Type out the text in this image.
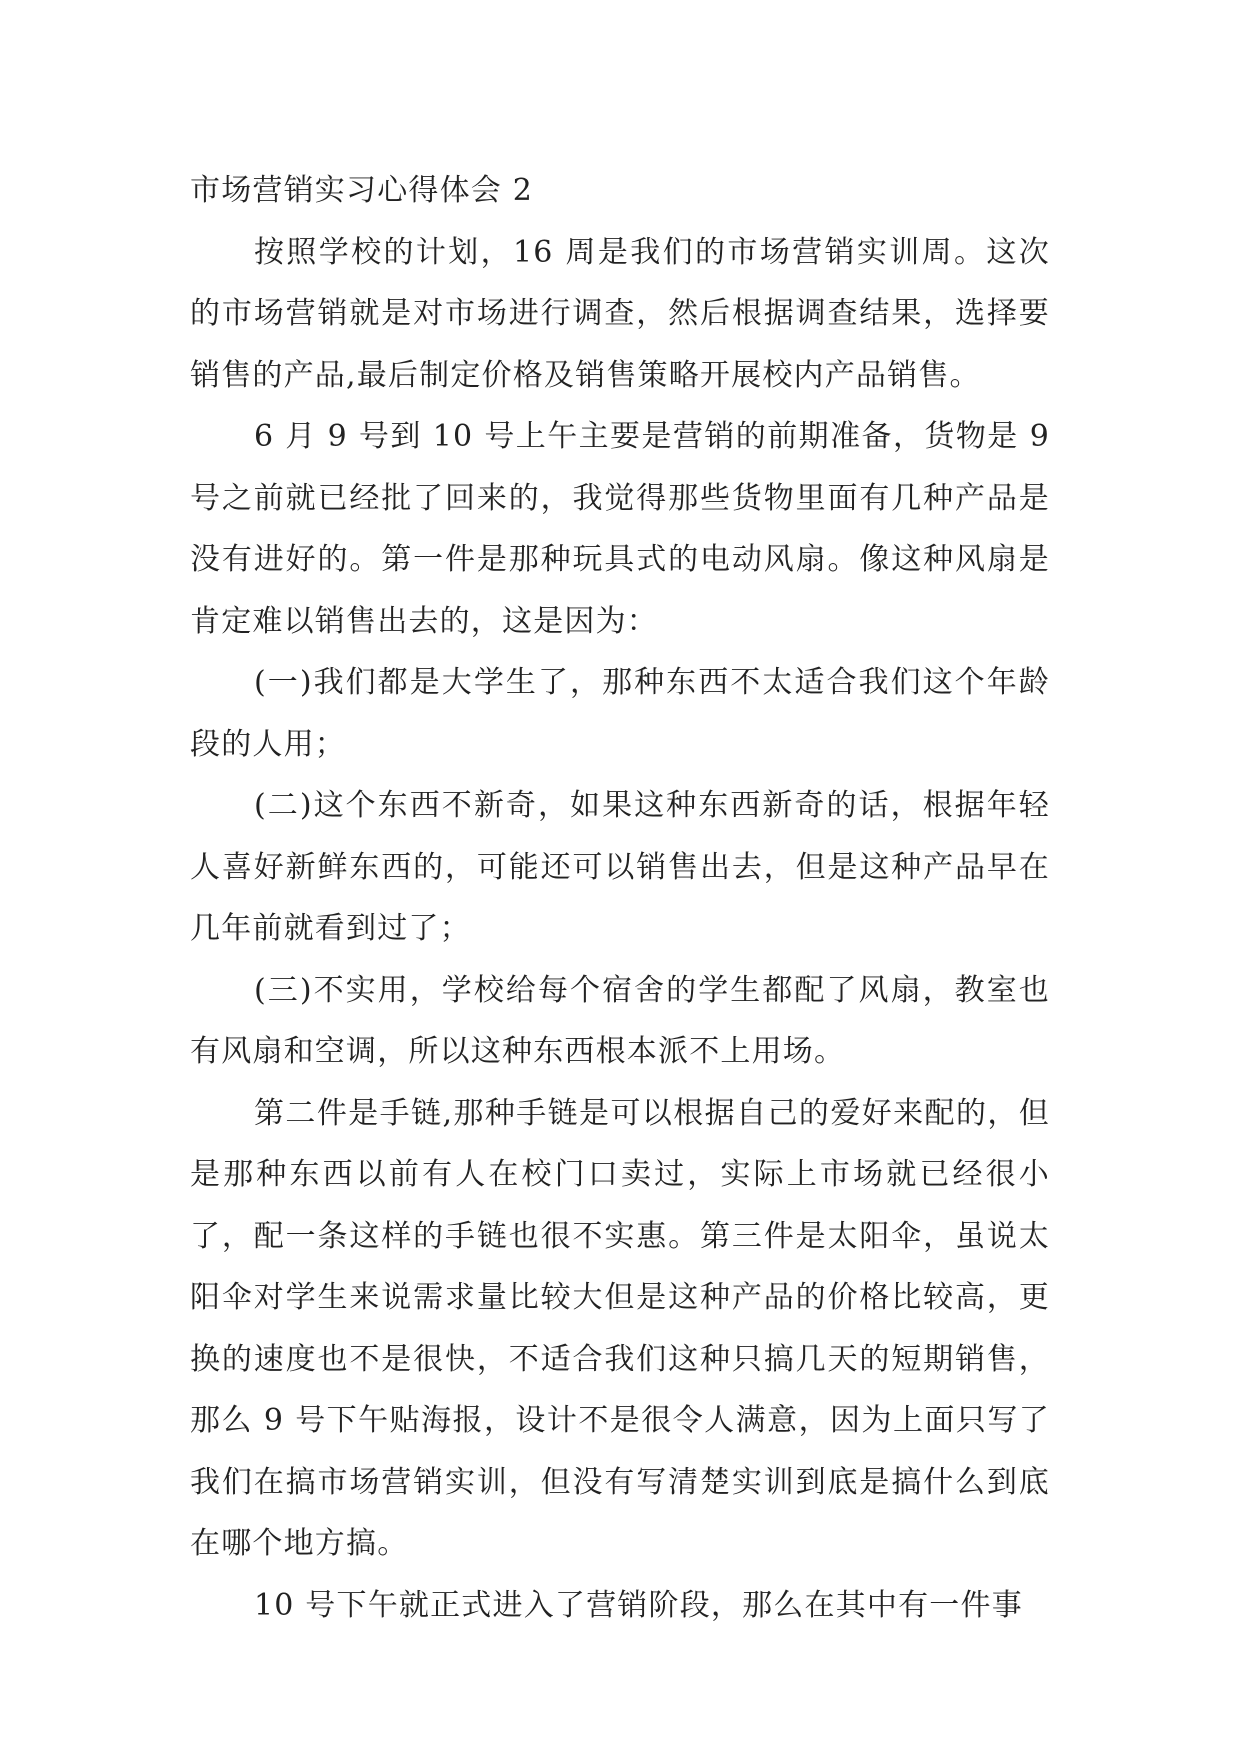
市场营销实习心得体会 2

按照学校的计划，16 周是我们的市场营销实训周。这次的市场营销就是对市场进行调查，然后根据调查结果，选择要销售的产品,最后制定价格及销售策略开展校内产品销售。

6 月 9 号到 10 号上午主要是营销的前期准备，货物是 9 号之前就已经批了回来的，我觉得那些货物里面有几种产品是没有进好的。第一件是那种玩具式的电动风扇。像这种风扇是肯定难以销售出去的，这是因为：

(一)我们都是大学生了，那种东西不太适合我们这个年龄段的人用；

(二)这个东西不新奇，如果这种东西新奇的话，根据年轻人喜好新鲜东西的，可能还可以销售出去，但是这种产品早在几年前就看到过了；

(三)不实用，学校给每个宿舍的学生都配了风扇，教室也有风扇和空调，所以这种东西根本派不上用场。

第二件是手链,那种手链是可以根据自己的爱好来配的，但是那种东西以前有人在校门口卖过，实际上市场就已经很小了，配一条这样的手链也很不实惠。第三件是太阳伞，虽说太阳伞对学生来说需求量比较大但是这种产品的价格比较高，更换的速度也不是很快，不适合我们这种只搞几天的短期销售，那么 9 号下午贴海报，设计不是很令人满意，因为上面只写了我们在搞市场营销实训，但没有写清楚实训到底是搞什么到底在哪个地方搞。

10 号下午就正式进入了营销阶段，那么在其中有一件事
